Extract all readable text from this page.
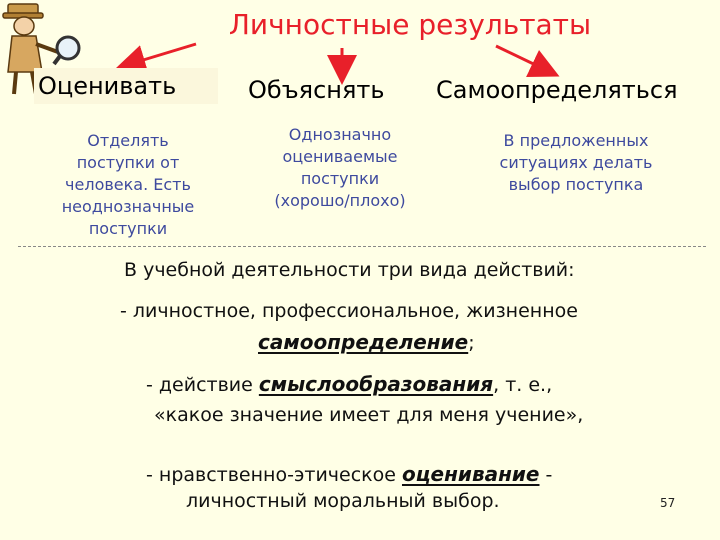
Личностные результаты
Оценивать	Объяснять Самоопределяться
Отделять
поступки от
человека. Есть
неоднозначные
поступки
Однозначно
оцениваемые
поступки
(хорошо/плохо)
В предложенных
ситуациях делать
выбор поступка
В учебной деятельности три вида действий:
- личностное, профессиональное, жизненное
самоопределение;
- действие смыслообразования, т. е.,
«какое значение имеет для меня учение»,
- нравственно-этическое оценивание -
личностный моральный выбор.	57
